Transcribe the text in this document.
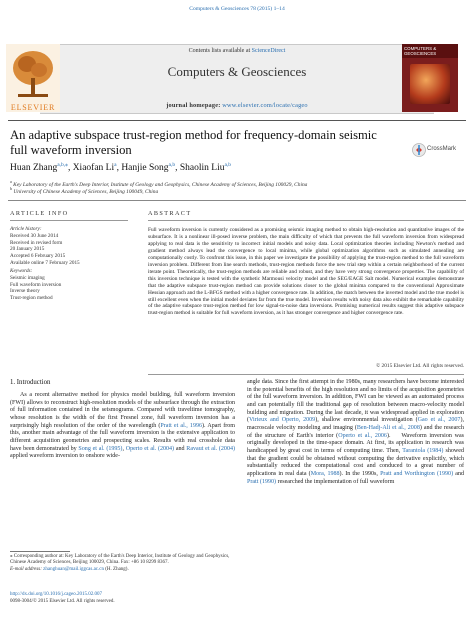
Computers & Geosciences 78 (2015) 1–14
ELSEVIER
Contents lists available at ScienceDirect
Computers & Geosciences
journal homepage: www.elsevier.com/locate/cageo
COMPUTERS & GEOSCIENCES
An adaptive subspace trust-region method for frequency-domain seismic full waveform inversion	CrossMark
Huan Zhang$^{a,b,⁎}$, Xiaofan Li$^a$, Hanjie Song$^{a,b}$, Shaolin Liu$^{a,b}$
$^a$ Key Laboratory of the Earth's Deep Interior, Institute of Geology and Geophysics, Chinese Academy of Sciences, Beijing 100029, China
$^b$ University of Chinese Academy of Sciences, Beijing 100049, China
ARTICLE INFO
Article history:
Received 30 June 2014
Received in revised form
20 January 2015
Accepted 6 February 2015
Available online 7 February 2015
Keywords:
Seismic imaging
Full waveform inversion
Inverse theory
Trust-region method
ABSTRACT
Full waveform inversion is currently considered as a promising seismic imaging method to obtain high-resolution and quantitative images of the subsurface. It is a nonlinear ill-posed inverse problem, the main difficulty of which that prevents the full waveform inversion from widespread applying to real data is the sensitivity to incorrect initial models and noisy data. Local optimization theories including Newton's method and gradient method always lead the convergence to local minima, while global optimization algorithms such as simulated annealing are computationally costly. To confront this issue, in this paper we investigate the possibility of applying the trust-region method to the full waveform inversion problem. Different from line search methods, trust-region methods force the new trial step within a certain neighborhood of the current iterate point. Theoretically, the trust-region methods are reliable and robust, and they have very strong convergence properties. The capability of this inversion technique is tested with the synthetic Marmousi velocity model and the SEG/EAGE Salt model. Numerical examples demonstrate that the adaptive subspace trust-region method can provide solutions closer to the global minima compared to the conventional Approximate Hessian approach and the L-BFGS method with a higher convergence rate. In addition, the match between the inverted model and the true model is still excellent even when the initial model deviates far from the true model. Inversion results with noisy data also exhibit the remarkable capability of the adaptive subspace trust-region method for low signal-to-noise data inversions. Promising numerical results suggest this adaptive subspace trust-region method is suitable for full waveform inversion, as it has stronger convergence and higher convergence rate.
© 2015 Elsevier Ltd. All rights reserved.
1. Introduction

As a recent alternative method for physics model building, full waveform inversion (FWI) allows to reconstruct high-resolution models of the subsurface through the extraction of full information contained in the seismograms. Compared with traveltime tomography, whose resolution is the width of the first Fresnel zone, full waveform inversion has a surprisingly high resolution of the order of the wavelength (Pratt et al., 1996). Apart from this, another main advantage of the full waveform inversion is the extensive application to different acquisition geometries and prospecting scales. Results with real crosshole data have been demonstrated by Song et al. (1995), Operto et al. (2004) and Ravaut et al. (2004) applied waveform inversion to onshore wide-

angle data. Since the first attempt in the 1980s, many researchers have become interested in the potential benefits of the high resolution and no limits of the acquisition geometries of the full waveform inversion. In addition, FWI can be viewed as an automated process and can potentially fill the traditional gap of resolution between macro-velocity model building and migration. During the last decade, it was widespread applied in exploration (Virieux and Operto, 2009), shallow environmental investigation (Gao et al., 2007), macroscale velocity modeling and imaging (Ben-Hadj-Ali et al., 2008) and the research of the structure of Earth's interior (Operto et al., 2006).    Waveform inversion was originally developed in the time-space domain. At first, its application in research was handicapped by great cost in terms of computing time. Then, Tarantola (1984) showed that the gradient could be obtained without computing the derivative explicitly, which substantially reduced the computational cost and conduced to a great number of applications in real data (Mora, 1988). In the 1990s, Pratt and Worthington (1990) and Pratt (1990) researched the implementation of full waveform

⁎ Corresponding author at: Key Laboratory of the Earth's Deep Interior, Institute of Geology and Geophysics, Chinese Academy of Sciences, Beijing 100029, China. Fax: +86 10 8299 8367.
E-mail address: zhanghuan@mail.iggcas.ac.cn (H. Zhang).
http://dx.doi.org/10.1016/j.cageo.2015.02.007
0098-3004/© 2015 Elsevier Ltd. All rights reserved.
